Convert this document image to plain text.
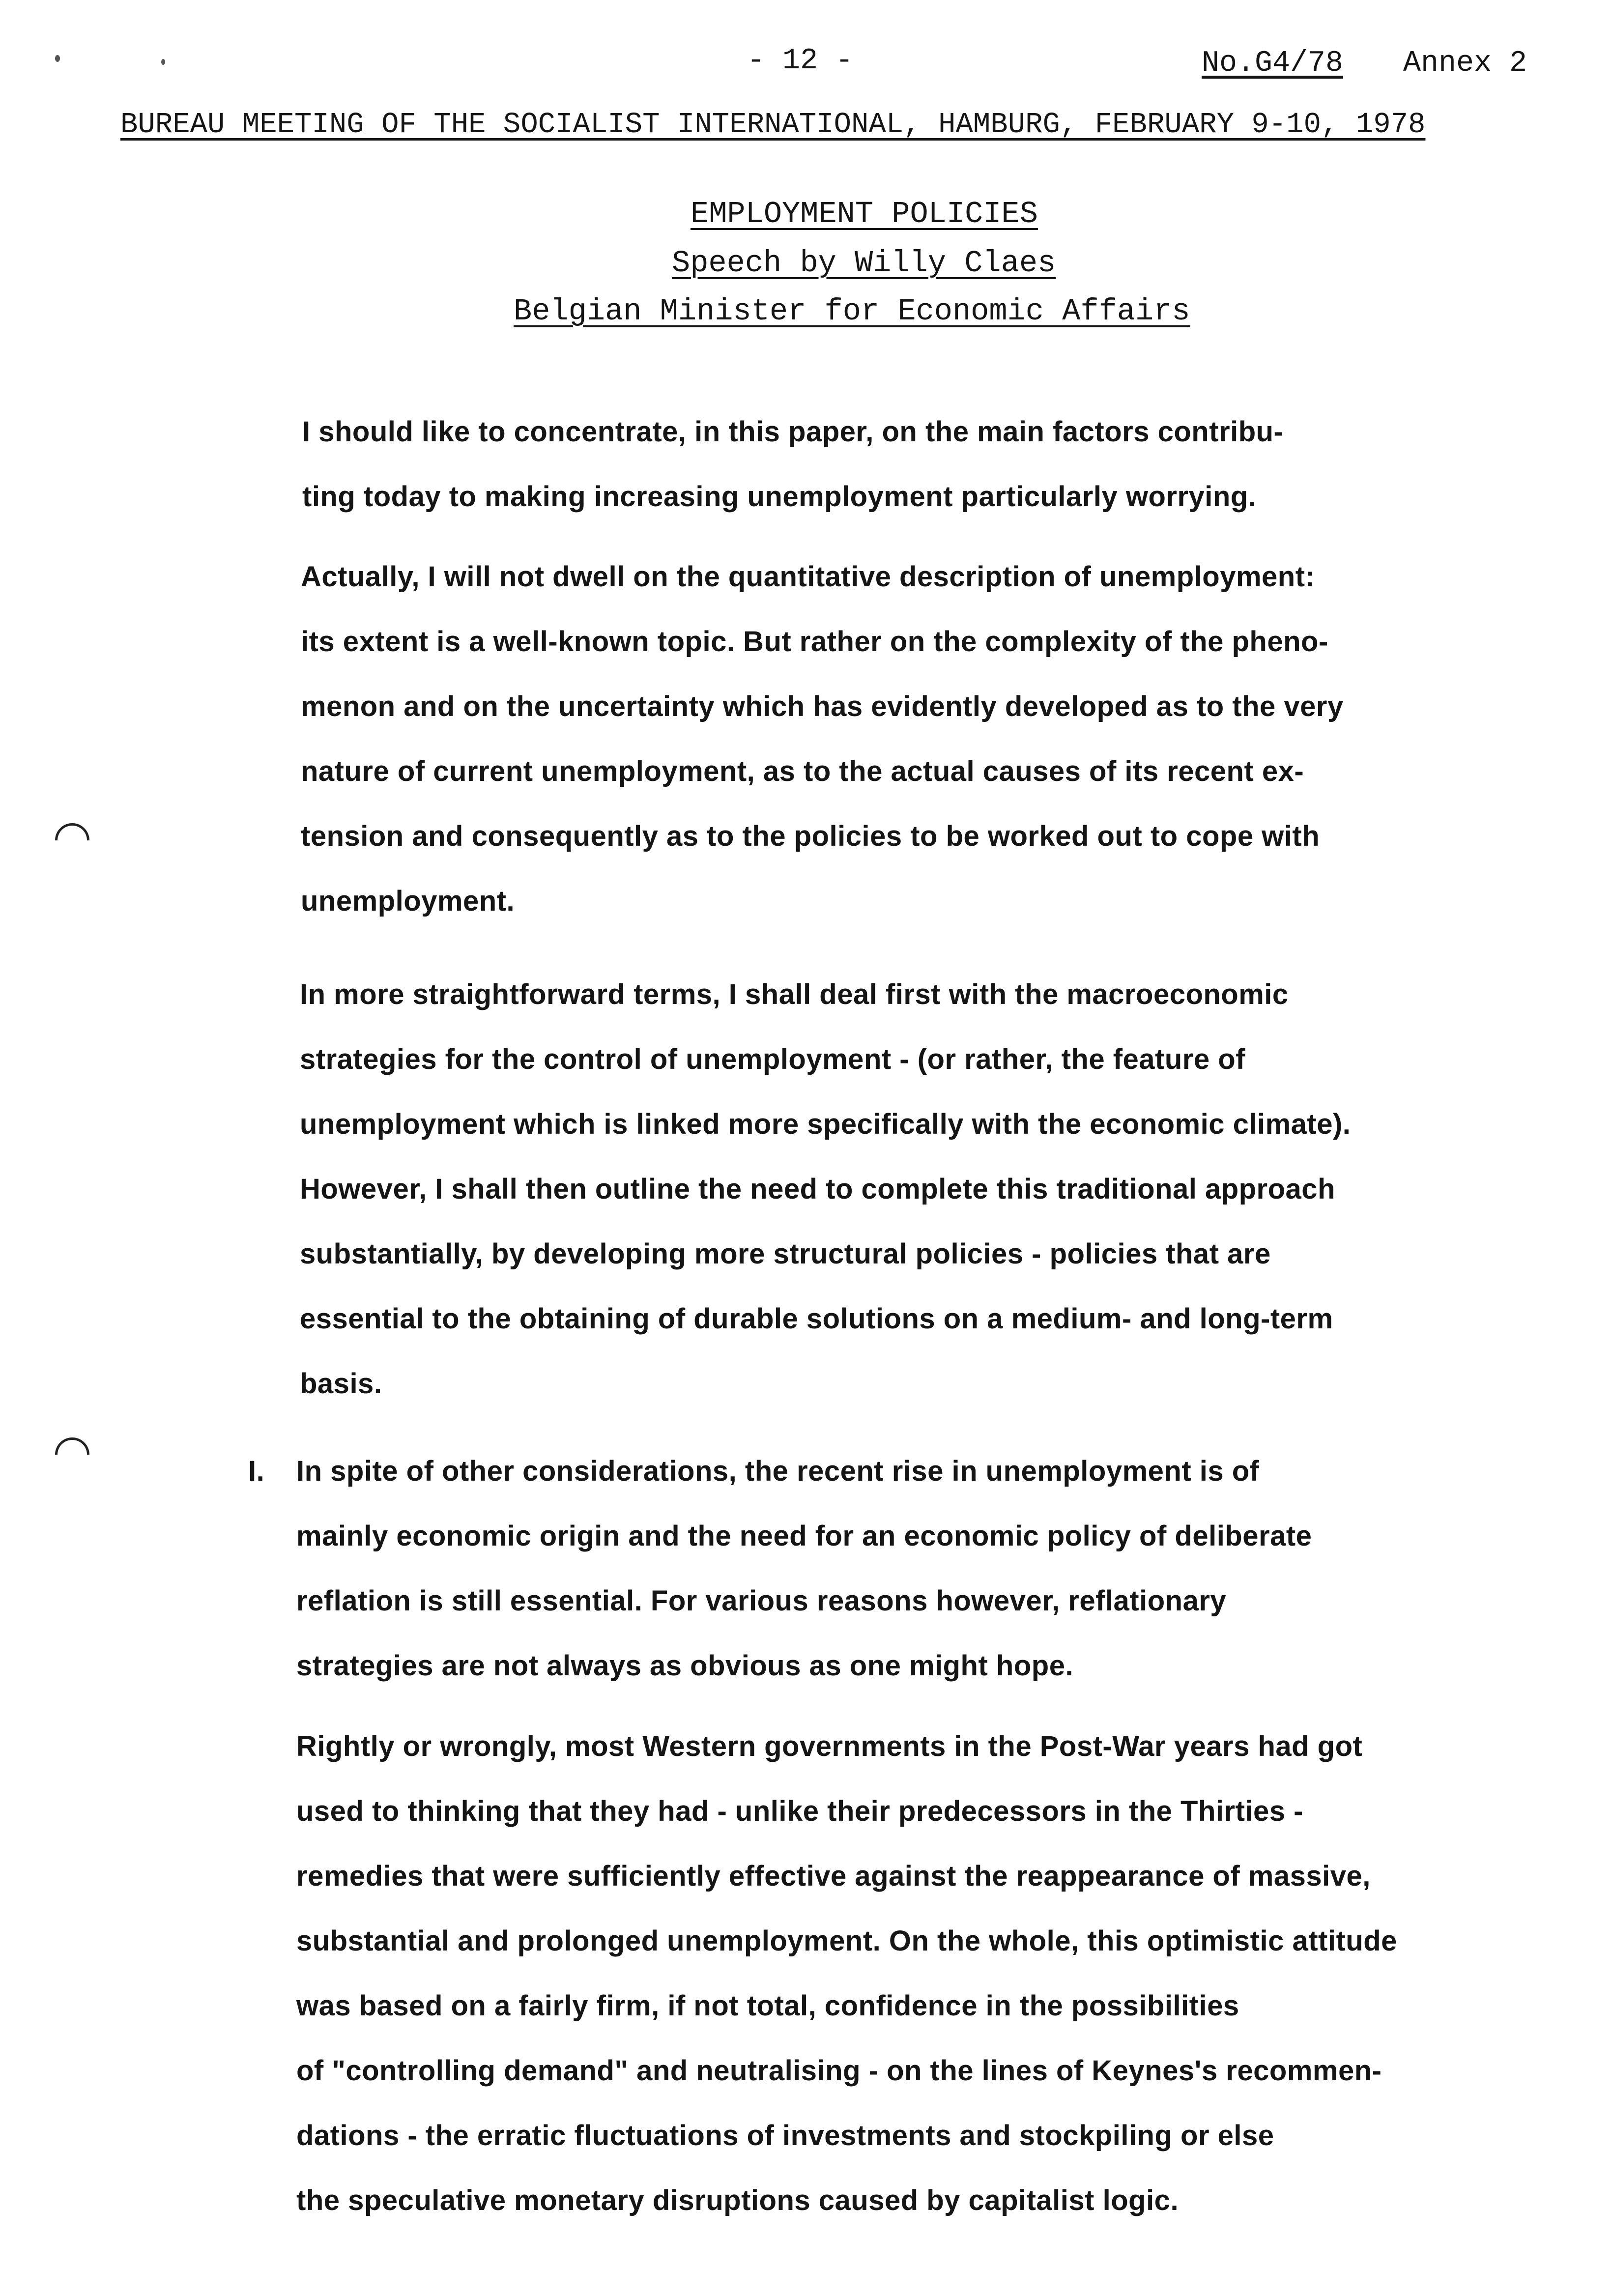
- 12 -	No.G4/78 Annex 2
BUREAU MEETING OF THE SOCIALIST INTERNATIONAL, HAMBURG, FEBRUARY 9-10, 1978
EMPLOYMENT POLICIES
Speech by Willy Claes
Belgian Minister for Economic Affairs
I should like to concentrate, in this paper, on the main factors contribu-
ting today to making increasing unemployment particularly worrying.
Actually, I will not dwell on the quantitative description of unemployment:
its extent is a well-known topic. But rather on the complexity of the pheno-
menon and on the uncertainty which has evidently developed as to the very
nature of current unemployment, as to the actual causes of its recent ex-
tension and consequently as to the policies to be worked out to cope with
unemployment.
In more straightforward terms, I shall deal first with the macroeconomic
strategies for the control of unemployment - (or rather, the feature of
unemployment which is linked more specifically with the economic climate).
However, I shall then outline the need to complete this traditional approach
substantially, by developing more structural policies - policies that are
essential to the obtaining of durable solutions on a medium- and long-term
basis.
I. In spite of other considerations, the recent rise in unemployment is of
mainly economic origin and the need for an economic policy of deliberate
reflation is still essential. For various reasons however, reflationary
strategies are not always as obvious as one might hope.
Rightly or wrongly, most Western governments in the Post-War years had got
used to thinking that they had - unlike their predecessors in the Thirties -
remedies that were sufficiently effective against the reappearance of massive,
substantial and prolonged unemployment. On the whole, this optimistic attitude
was based on a fairly firm, if not total, confidence in the possibilities
of "controlling demand" and neutralising - on the lines of Keynes's recommen-
dations - the erratic fluctuations of investments and stockpiling or else
the speculative monetary disruptions caused by capitalist logic.
